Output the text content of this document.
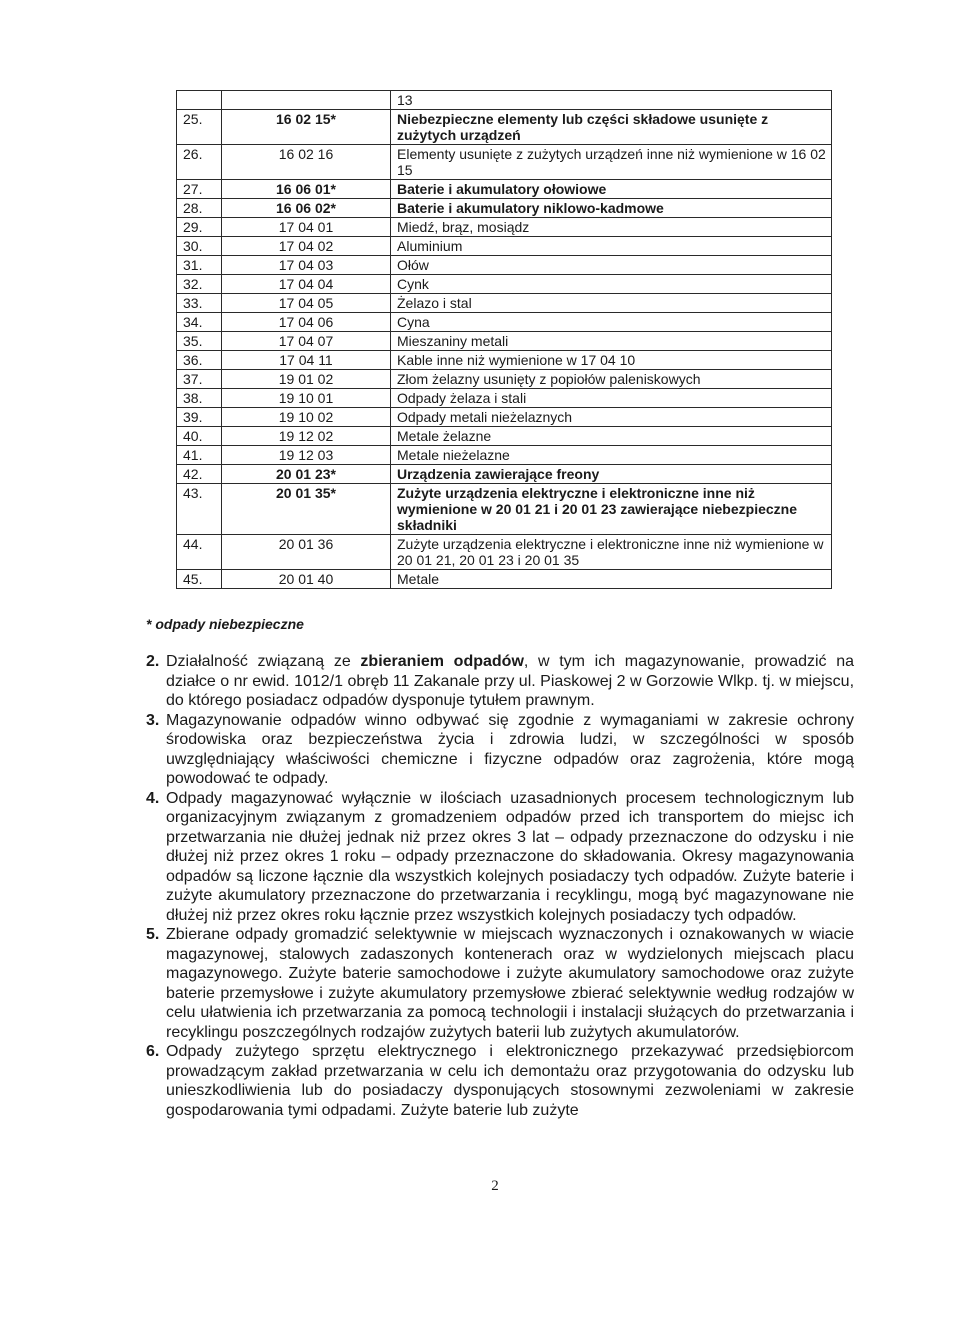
		13
25.	16 02 15*	Niebezpieczne elementy lub części składowe usunięte z zużytych urządzeń
26.	16 02 16	Elementy usunięte z zużytych urządzeń inne niż wymienione w 16 02 15
27.	16 06 01*	Baterie i akumulatory ołowiowe
28.	16 06 02*	Baterie i akumulatory niklowo-kadmowe
29.	17 04 01	Miedź, brąz, mosiądz
30.	17 04 02	Aluminium
31.	17 04 03	Ołów
32.	17 04 04	Cynk
33.	17 04 05	Żelazo i stal
34.	17 04 06	Cyna
35.	17 04 07	Mieszaniny metali
36.	17 04 11	Kable inne niż wymienione w 17 04 10
37.	19 01 02	Złom żelazny usunięty z popiołów paleniskowych
38.	19 10 01	Odpady żelaza i stali
39.	19 10 02	Odpady metali nieżelaznych
40.	19 12 02	Metale żelazne
41.	19 12 03	Metale nieżelazne
42.	20 01 23*	Urządzenia zawierające freony
43.	20 01 35*	Zużyte urządzenia elektryczne i elektroniczne inne niż wymienione w 20 01 21 i 20 01 23 zawierające niebezpieczne składniki
44.	20 01 36	Zużyte urządzenia elektryczne i elektroniczne inne niż wymienione w 20 01 21, 20 01 23 i 20 01 35
45.	20 01 40	Metale
* odpady niebezpieczne

2. Działalność związaną ze zbieraniem odpadów, w tym ich magazynowanie, prowadzić na działce o nr ewid. 1012/1 obręb 11 Zakanale przy ul. Piaskowej 2 w Gorzowie Wlkp. tj. w miejscu, do którego posiadacz odpadów dysponuje tytułem prawnym.

3. Magazynowanie odpadów winno odbywać się zgodnie z wymaganiami w zakresie ochrony środowiska oraz bezpieczeństwa życia i zdrowia ludzi, w szczególności w sposób uwzględniający właściwości chemiczne i fizyczne odpadów oraz zagrożenia, które mogą powodować te odpady.

4. Odpady magazynować wyłącznie w ilościach uzasadnionych procesem technologicznym lub organizacyjnym związanym z gromadzeniem odpadów przed ich transportem do miejsc ich przetwarzania nie dłużej jednak niż przez okres 3 lat – odpady przeznaczone do odzysku i nie dłużej niż przez okres 1 roku – odpady przeznaczone do składowania. Okresy magazynowania odpadów są liczone łącznie dla wszystkich kolejnych posiadaczy tych odpadów. Zużyte baterie i zużyte akumulatory przeznaczone do przetwarzania i recyklingu, mogą być magazynowane nie dłużej niż przez okres roku łącznie przez wszystkich kolejnych posiadaczy tych odpadów.

5. Zbierane odpady gromadzić selektywnie w miejscach wyznaczonych i oznakowanych w wiacie magazynowej, stalowych zadaszonych kontenerach oraz w wydzielonych miejscach placu magazynowego. Zużyte baterie samochodowe i zużyte akumulatory samochodowe oraz zużyte baterie przemysłowe i zużyte akumulatory przemysłowe zbierać selektywnie według rodzajów w celu ułatwienia ich przetwarzania za pomocą technologii i instalacji służących do przetwarzania i recyklingu poszczególnych rodzajów zużytych baterii lub zużytych akumulatorów.

6. Odpady zużytego sprzętu elektrycznego i elektronicznego przekazywać przedsiębiorcom prowadzącym zakład przetwarzania w celu ich demontażu oraz przygotowania do odzysku lub unieszkodliwienia lub do posiadaczy dysponujących stosownymi zezwoleniami w zakresie gospodarowania tymi odpadami. Zużyte baterie lub zużyte

2
